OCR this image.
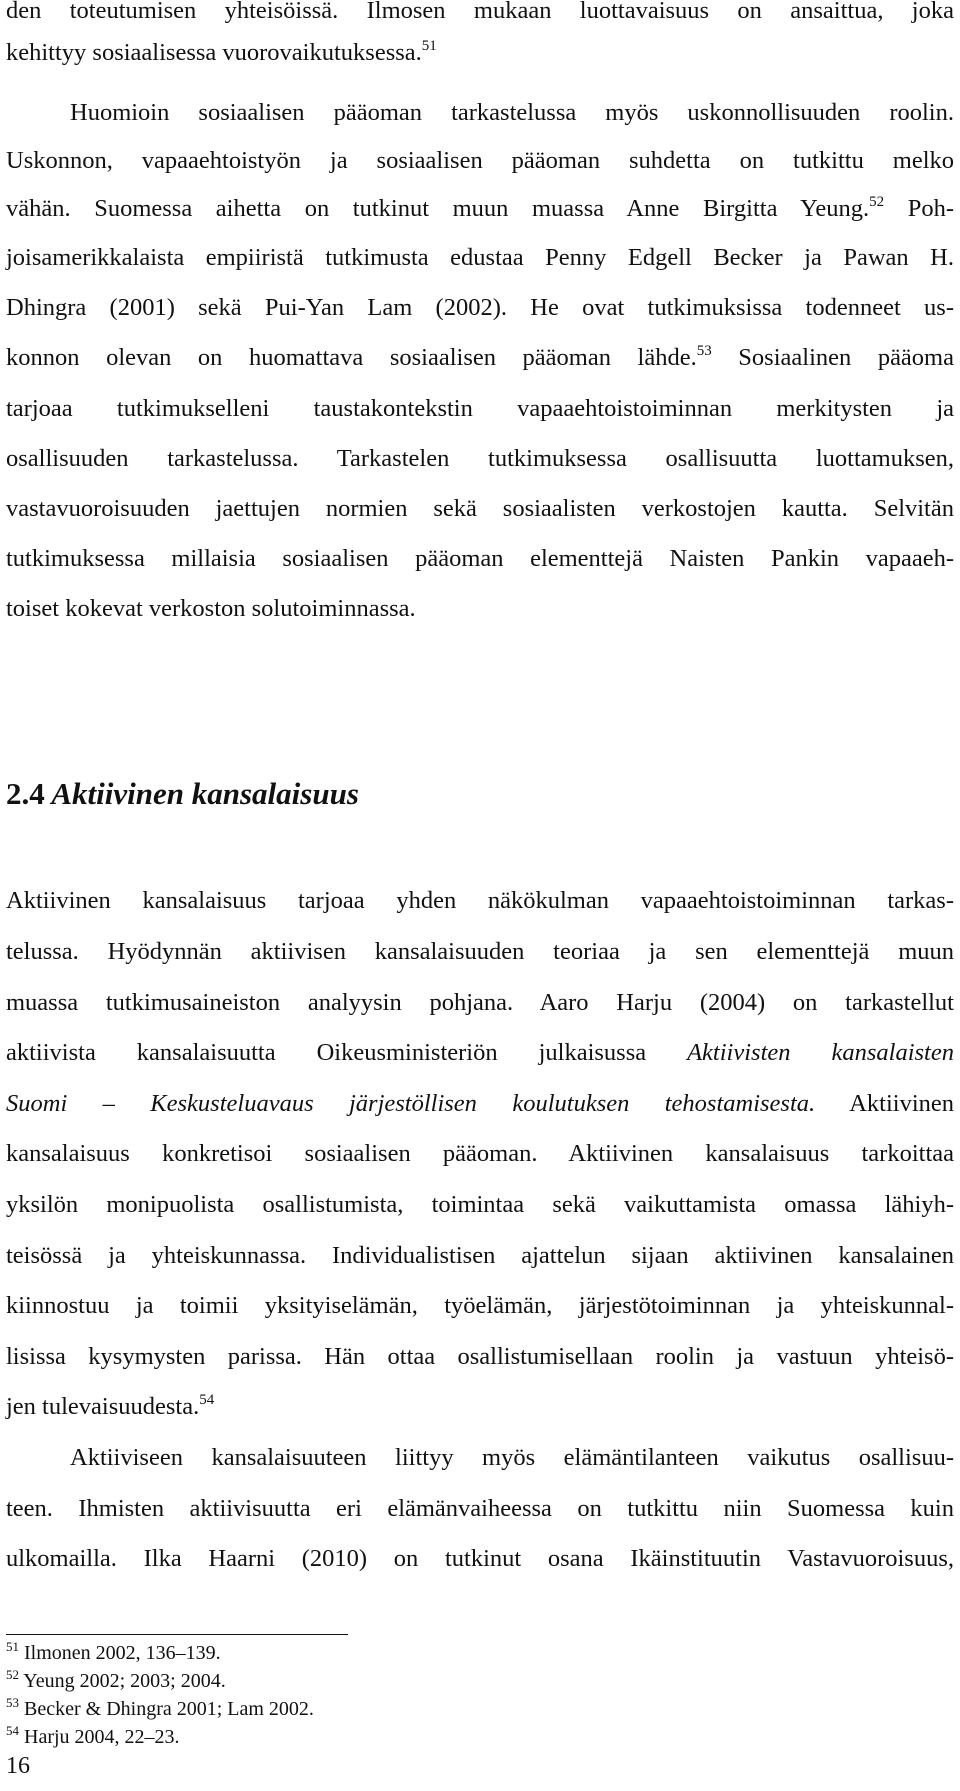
den toteutumisen yhteisöissä. Ilmosen mukaan luottavaisuus on ansaittua, joka
kehittyy sosiaalisessa vuorovaikutuksessa.$^{51}$
Huomioin sosiaalisen pääoman tarkastelussa myös uskonnollisuuden roolin.
Uskonnon, vapaaehtoistyön ja sosiaalisen pääoman suhdetta on tutkittu melko
vähän. Suomessa aihetta on tutkinut muun muassa Anne Birgitta Yeung.$^{52}$ Poh-
joisamerikkalaista empiiristä tutkimusta edustaa Penny Edgell Becker ja Pawan H.
Dhingra (2001) sekä Pui-Yan Lam (2002). He ovat tutkimuksissa todenneet us-
konnon olevan on huomattava sosiaalisen pääoman lähde.$^{53}$ Sosiaalinen pääoma
tarjoaa tutkimukselleni taustakontekstin vapaaehtoistoiminnan merkitysten ja
osallisuuden tarkastelussa. Tarkastelen tutkimuksessa osallisuutta luottamuksen,
vastavuoroisuuden jaettujen normien sekä sosiaalisten verkostojen kautta. Selvitän
tutkimuksessa millaisia sosiaalisen pääoman elementtejä Naisten Pankin vapaaeh-
toiset kokevat verkoston solutoiminnassa.
2.4 Aktiivinen kansalaisuus
Aktiivinen kansalaisuus tarjoaa yhden näkökulman vapaaehtoistoiminnan tarkas-
telussa. Hyödynnän aktiivisen kansalaisuuden teoriaa ja sen elementtejä muun
muassa tutkimusaineiston analyysin pohjana. Aaro Harju (2004) on tarkastellut
aktiivista kansalaisuutta Oikeusministeriön julkaisussa Aktiivisten kansalaisten
Suomi – Keskusteluavaus järjestöllisen koulutuksen tehostamisesta. Aktiivinen
kansalaisuus konkretisoi sosiaalisen pääoman. Aktiivinen kansalaisuus tarkoittaa
yksilön monipuolista osallistumista, toimintaa sekä vaikuttamista omassa lähiyh-
teisössä ja yhteiskunnassa. Individualistisen ajattelun sijaan aktiivinen kansalainen
kiinnostuu ja toimii yksityiselämän, työelämän, järjestötoiminnan ja yhteiskunnal-
lisissa kysymysten parissa. Hän ottaa osallistumisellaan roolin ja vastuun yhteisö-
jen tulevaisuudesta.$^{54}$
Aktiiviseen kansalaisuuteen liittyy myös elämäntilanteen vaikutus osallisuu-
teen. Ihmisten aktiivisuutta eri elämänvaiheessa on tutkittu niin Suomessa kuin
ulkomailla. Ilka Haarni (2010) on tutkinut osana Ikäinstituutin Vastavuoroisuus,
$^{51}$ Ilmonen 2002, 136–139.
$^{52}$ Yeung 2002; 2003; 2004.
$^{53}$ Becker & Dhingra 2001; Lam 2002.
$^{54}$ Harju 2004, 22–23.
16
